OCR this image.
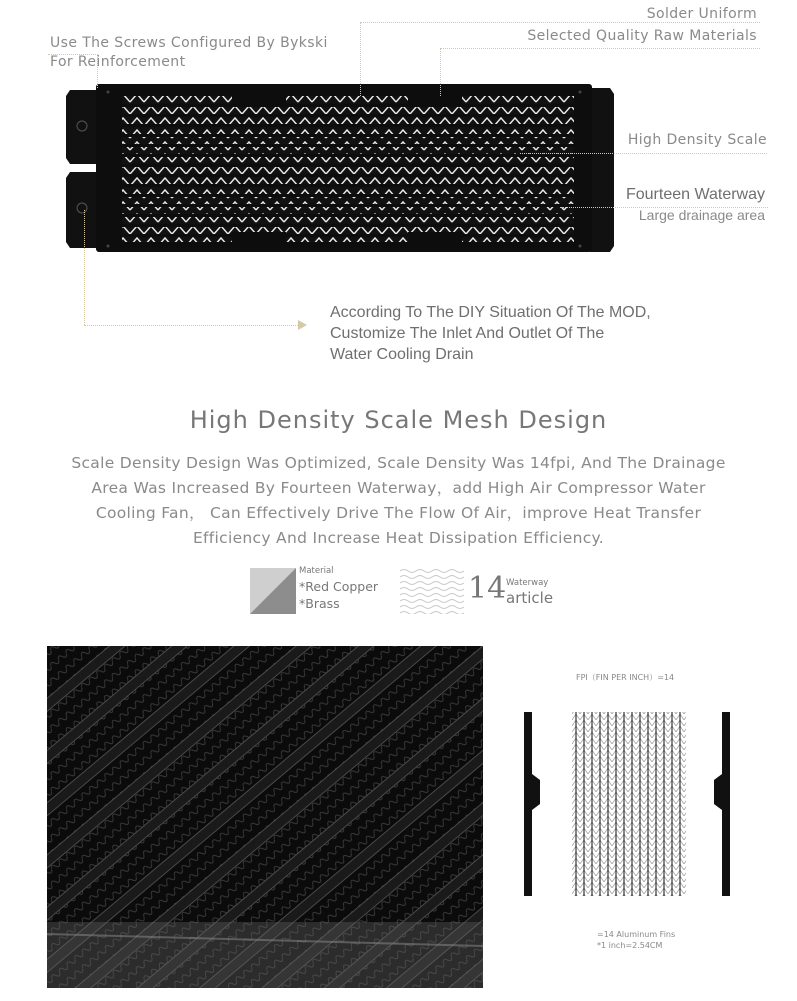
Solder Uniform
Selected Quality Raw Materials
Use The Screws Configured By Bykski
For Reinforcement
High Density Scale
Fourteen Waterway
Large drainage area
According To The DIY Situation Of The MOD,
Customize The Inlet And Outlet Of The
Water Cooling Drain
High Density Scale Mesh Design
Scale Density Design Was Optimized, Scale Density Was 14fpi, And The Drainage
Area Was Increased By Fourteen Waterway，add High Air Compressor Water
Cooling Fan， Can Effectively Drive The Flow Of Air，improve Heat Transfer
Efficiency And Increase Heat Dissipation Efficiency.
Material
*Red Copper
*Brass	14 Waterway
article
FPI（FIN PER INCH）=14
=14 Aluminum Fins
*1 inch=2.54CM
